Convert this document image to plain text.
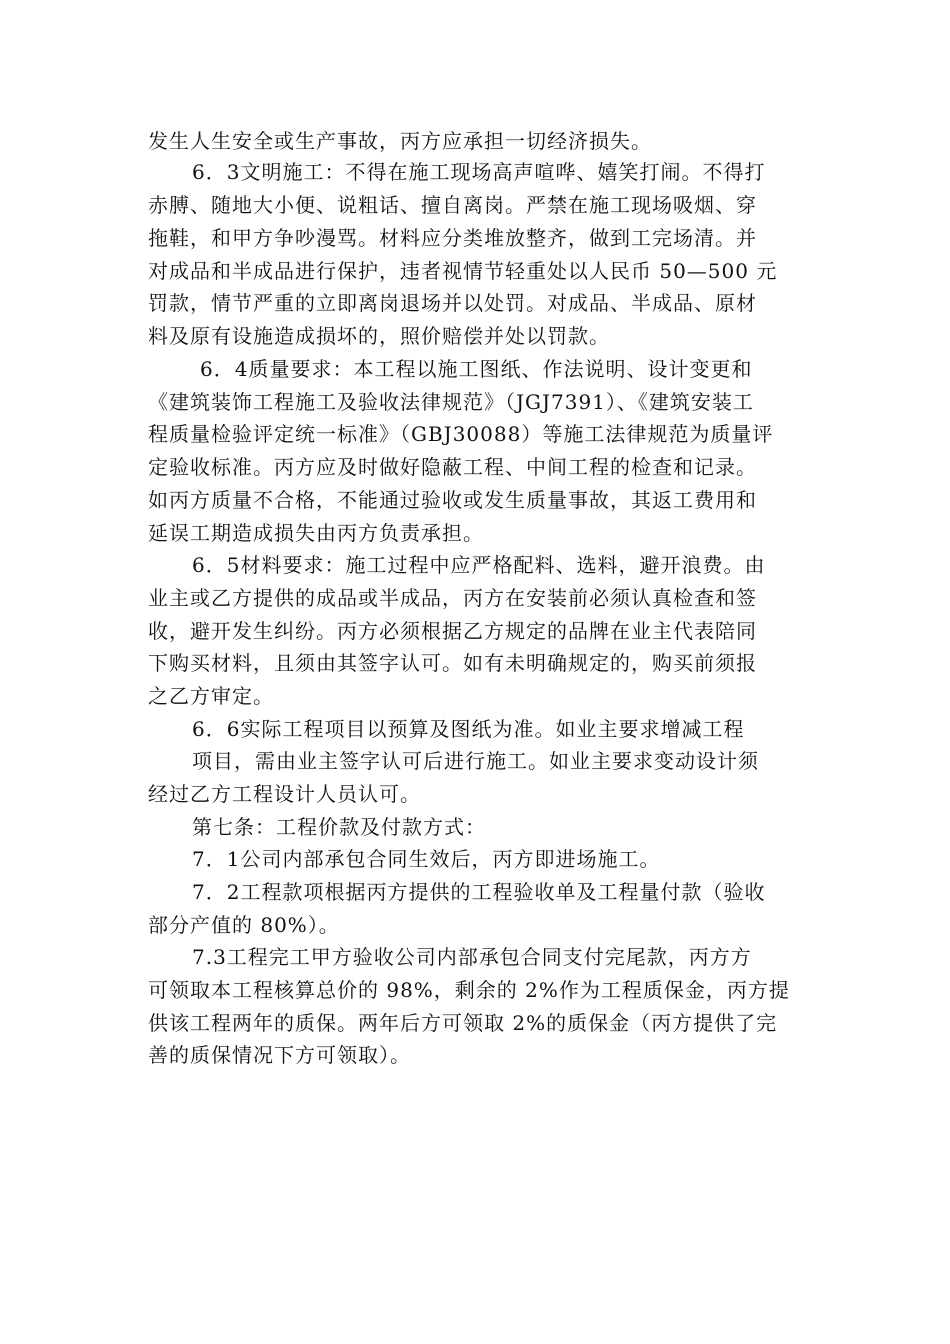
发生人生安全或生产事故，丙方应承担一切经济损失。
6．3文明施工：不得在施工现场高声喧哗、嬉笑打闹。不得打
赤膊、随地大小便、说粗话、擅自离岗。严禁在施工现场吸烟、穿
拖鞋，和甲方争吵漫骂。材料应分类堆放整齐，做到工完场清。并
对成品和半成品进行保护，违者视情节轻重处以人民币 50—500 元
罚款，情节严重的立即离岗退场并以处罚。对成品、半成品、原材
料及原有设施造成损坏的，照价赔偿并处以罚款。
6．4质量要求：本工程以施工图纸、作法说明、设计变更和
《建筑装饰工程施工及验收法律规范》（JGJ7391）、《建筑安装工
程质量检验评定统一标准》（GBJ30088）等施工法律规范为质量评
定验收标准。丙方应及时做好隐蔽工程、中间工程的检查和记录。
如丙方质量不合格，不能通过验收或发生质量事故，其返工费用和
延误工期造成损失由丙方负责承担。
6．5材料要求：施工过程中应严格配料、选料，避开浪费。由
业主或乙方提供的成品或半成品，丙方在安装前必须认真检查和签
收，避开发生纠纷。丙方必须根据乙方规定的品牌在业主代表陪同
下购买材料，且须由其签字认可。如有未明确规定的，购买前须报
之乙方审定。
6．6实际工程项目以预算及图纸为准。如业主要求增减工程
项目，需由业主签字认可后进行施工。如业主要求变动设计须
经过乙方工程设计人员认可。
第七条：工程价款及付款方式：
7．1公司内部承包合同生效后，丙方即进场施工。
7．2工程款项根据丙方提供的工程验收单及工程量付款（验收
部分产值的 80%）。
7.3工程完工甲方验收公司内部承包合同支付完尾款，丙方方
可领取本工程核算总价的 98%，剩余的 2%作为工程质保金，丙方提
供该工程两年的质保。两年后方可领取 2%的质保金（丙方提供了完
善的质保情况下方可领取）。
